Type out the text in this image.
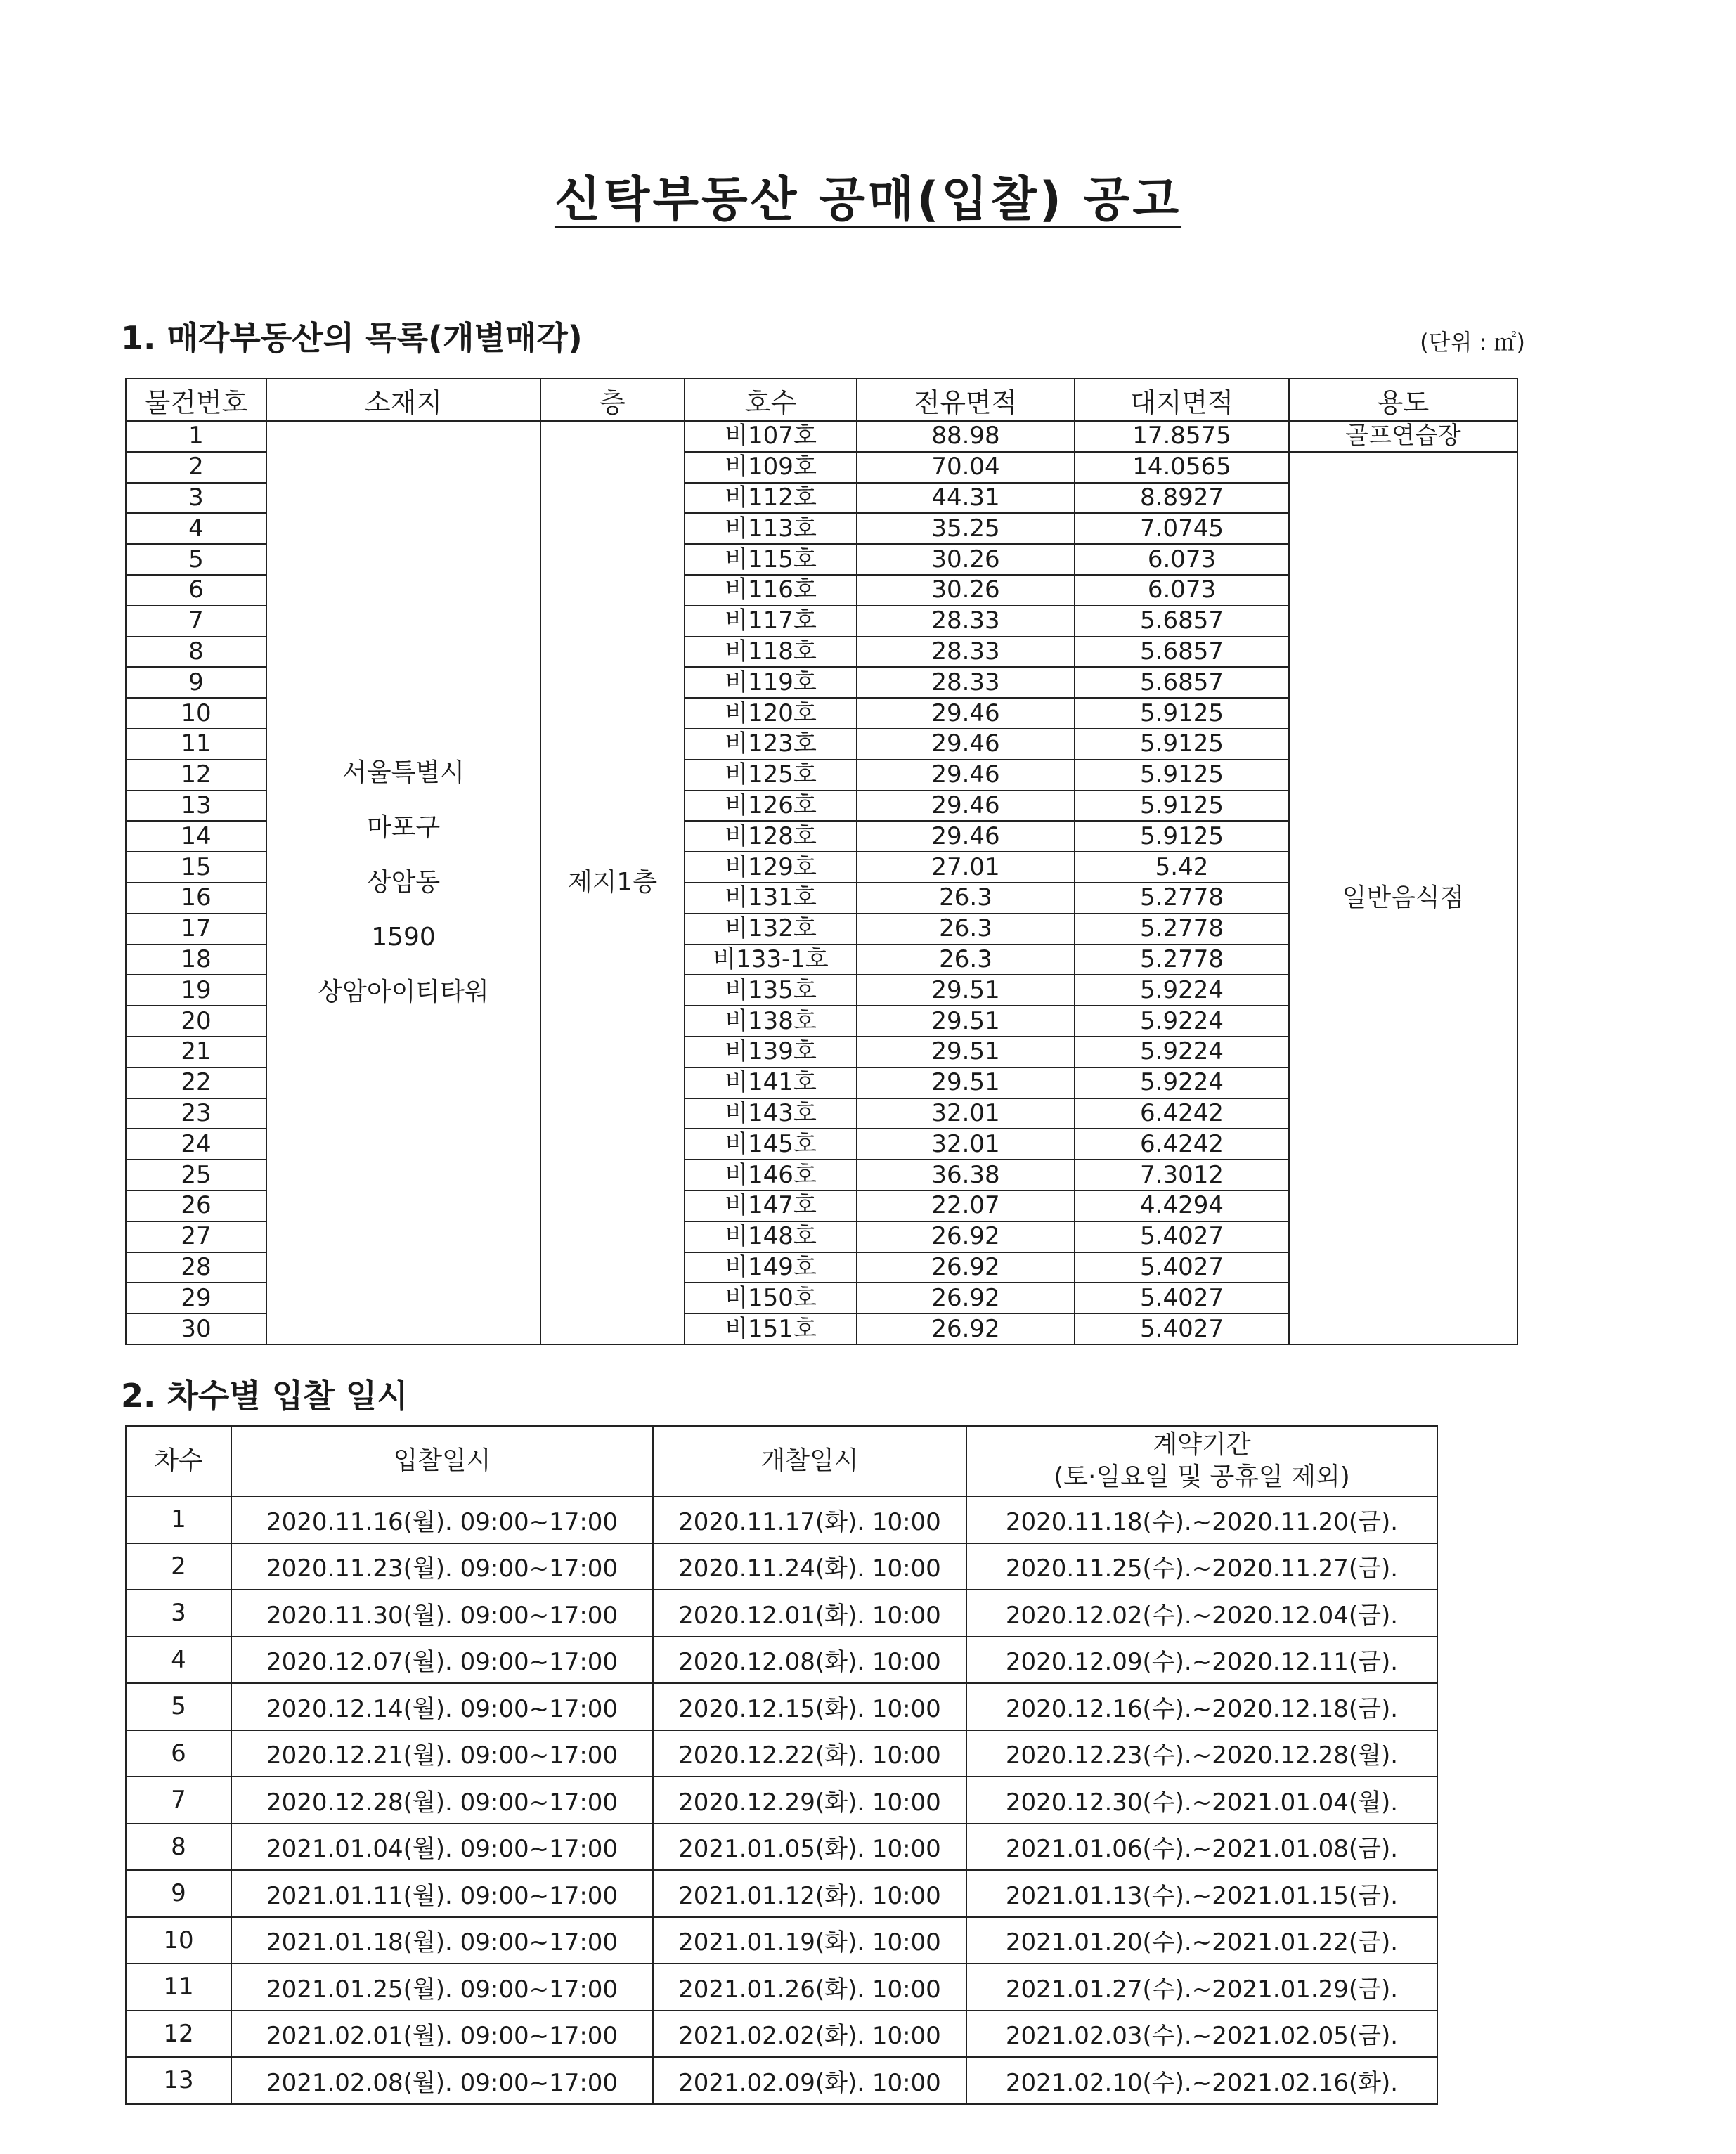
신탁부동산 공매(입찰) 공고
1. 매각부동산의 목록(개별매각)	(단위 : ㎡)
물건번호	소재지	층	호수	전유면적	대지면적	용도
1	서울특별시
마포구
상암동
1590
상암아이티타워	제지1층	비107호	88.98	17.8575	골프연습장
2			비109호	70.04	14.0565	일반음식점
3			비112호	44.31	8.8927	
4			비113호	35.25	7.0745	
5			비115호	30.26	6.073	
6			비116호	30.26	6.073	
7			비117호	28.33	5.6857	
8			비118호	28.33	5.6857	
9			비119호	28.33	5.6857	
10			비120호	29.46	5.9125	
11			비123호	29.46	5.9125	
12			비125호	29.46	5.9125	
13			비126호	29.46	5.9125	
14			비128호	29.46	5.9125	
15			비129호	27.01	5.42	
16			비131호	26.3	5.2778	
17			비132호	26.3	5.2778	
18			비133-1호	26.3	5.2778	
19			비135호	29.51	5.9224	
20			비138호	29.51	5.9224	
21			비139호	29.51	5.9224	
22			비141호	29.51	5.9224	
23			비143호	32.01	6.4242	
24			비145호	32.01	6.4242	
25			비146호	36.38	7.3012	
26			비147호	22.07	4.4294	
27			비148호	26.92	5.4027	
28			비149호	26.92	5.4027	
29			비150호	26.92	5.4027	
30			비151호	26.92	5.4027	
2. 차수별 입찰 일시
차수	입찰일시	개찰일시	계약기간
(토·일요일 및 공휴일 제외)

1	2020.11.16(월). 09:00~17:00	2020.11.17(화). 10:00	2020.11.18(수).~2020.11.20(금).
2	2020.11.23(월). 09:00~17:00	2020.11.24(화). 10:00	2020.11.25(수).~2020.11.27(금).
3	2020.11.30(월). 09:00~17:00	2020.12.01(화). 10:00	2020.12.02(수).~2020.12.04(금).
4	2020.12.07(월). 09:00~17:00	2020.12.08(화). 10:00	2020.12.09(수).~2020.12.11(금).
5	2020.12.14(월). 09:00~17:00	2020.12.15(화). 10:00	2020.12.16(수).~2020.12.18(금).
6	2020.12.21(월). 09:00~17:00	2020.12.22(화). 10:00	2020.12.23(수).~2020.12.28(월).
7	2020.12.28(월). 09:00~17:00	2020.12.29(화). 10:00	2020.12.30(수).~2021.01.04(월).
8	2021.01.04(월). 09:00~17:00	2021.01.05(화). 10:00	2021.01.06(수).~2021.01.08(금).
9	2021.01.11(월). 09:00~17:00	2021.01.12(화). 10:00	2021.01.13(수).~2021.01.15(금).
10	2021.01.18(월). 09:00~17:00	2021.01.19(화). 10:00	2021.01.20(수).~2021.01.22(금).
11	2021.01.25(월). 09:00~17:00	2021.01.26(화). 10:00	2021.01.27(수).~2021.01.29(금).
12	2021.02.01(월). 09:00~17:00	2021.02.02(화). 10:00	2021.02.03(수).~2021.02.05(금).
13	2021.02.08(월). 09:00~17:00	2021.02.09(화). 10:00	2021.02.10(수).~2021.02.16(화).
